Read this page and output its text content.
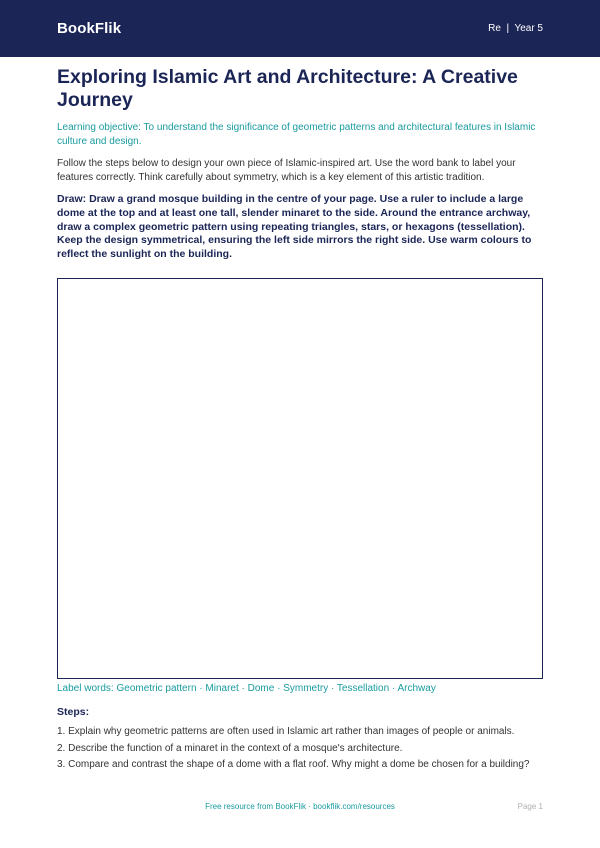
BookFlik	Re | Year 5
Exploring Islamic Art and Architecture: A Creative Journey

Learning objective: To understand the significance of geometric patterns and architectural features in Islamic culture and design.

Follow the steps below to design your own piece of Islamic-inspired art. Use the word bank to label your features correctly. Think carefully about symmetry, which is a key element of this artistic tradition.

Draw: Draw a grand mosque building in the centre of your page. Use a ruler to include a large dome at the top and at least one tall, slender minaret to the side. Around the entrance archway, draw a complex geometric pattern using repeating triangles, stars, or hexagons (tessellation). Keep the design symmetrical, ensuring the left side mirrors the right side. Use warm colours to reflect the sunlight on the building.

Label words: Geometric pattern · Minaret · Dome · Symmetry · Tessellation · Archway

Steps:

1. Explain why geometric patterns are often used in Islamic art rather than images of people or animals.
2. Describe the function of a minaret in the context of a mosque's architecture.
3. Compare and contrast the shape of a dome with a flat roof. Why might a dome be chosen for a building?

Free resource from BookFlik · bookflik.com/resources	Page 1
